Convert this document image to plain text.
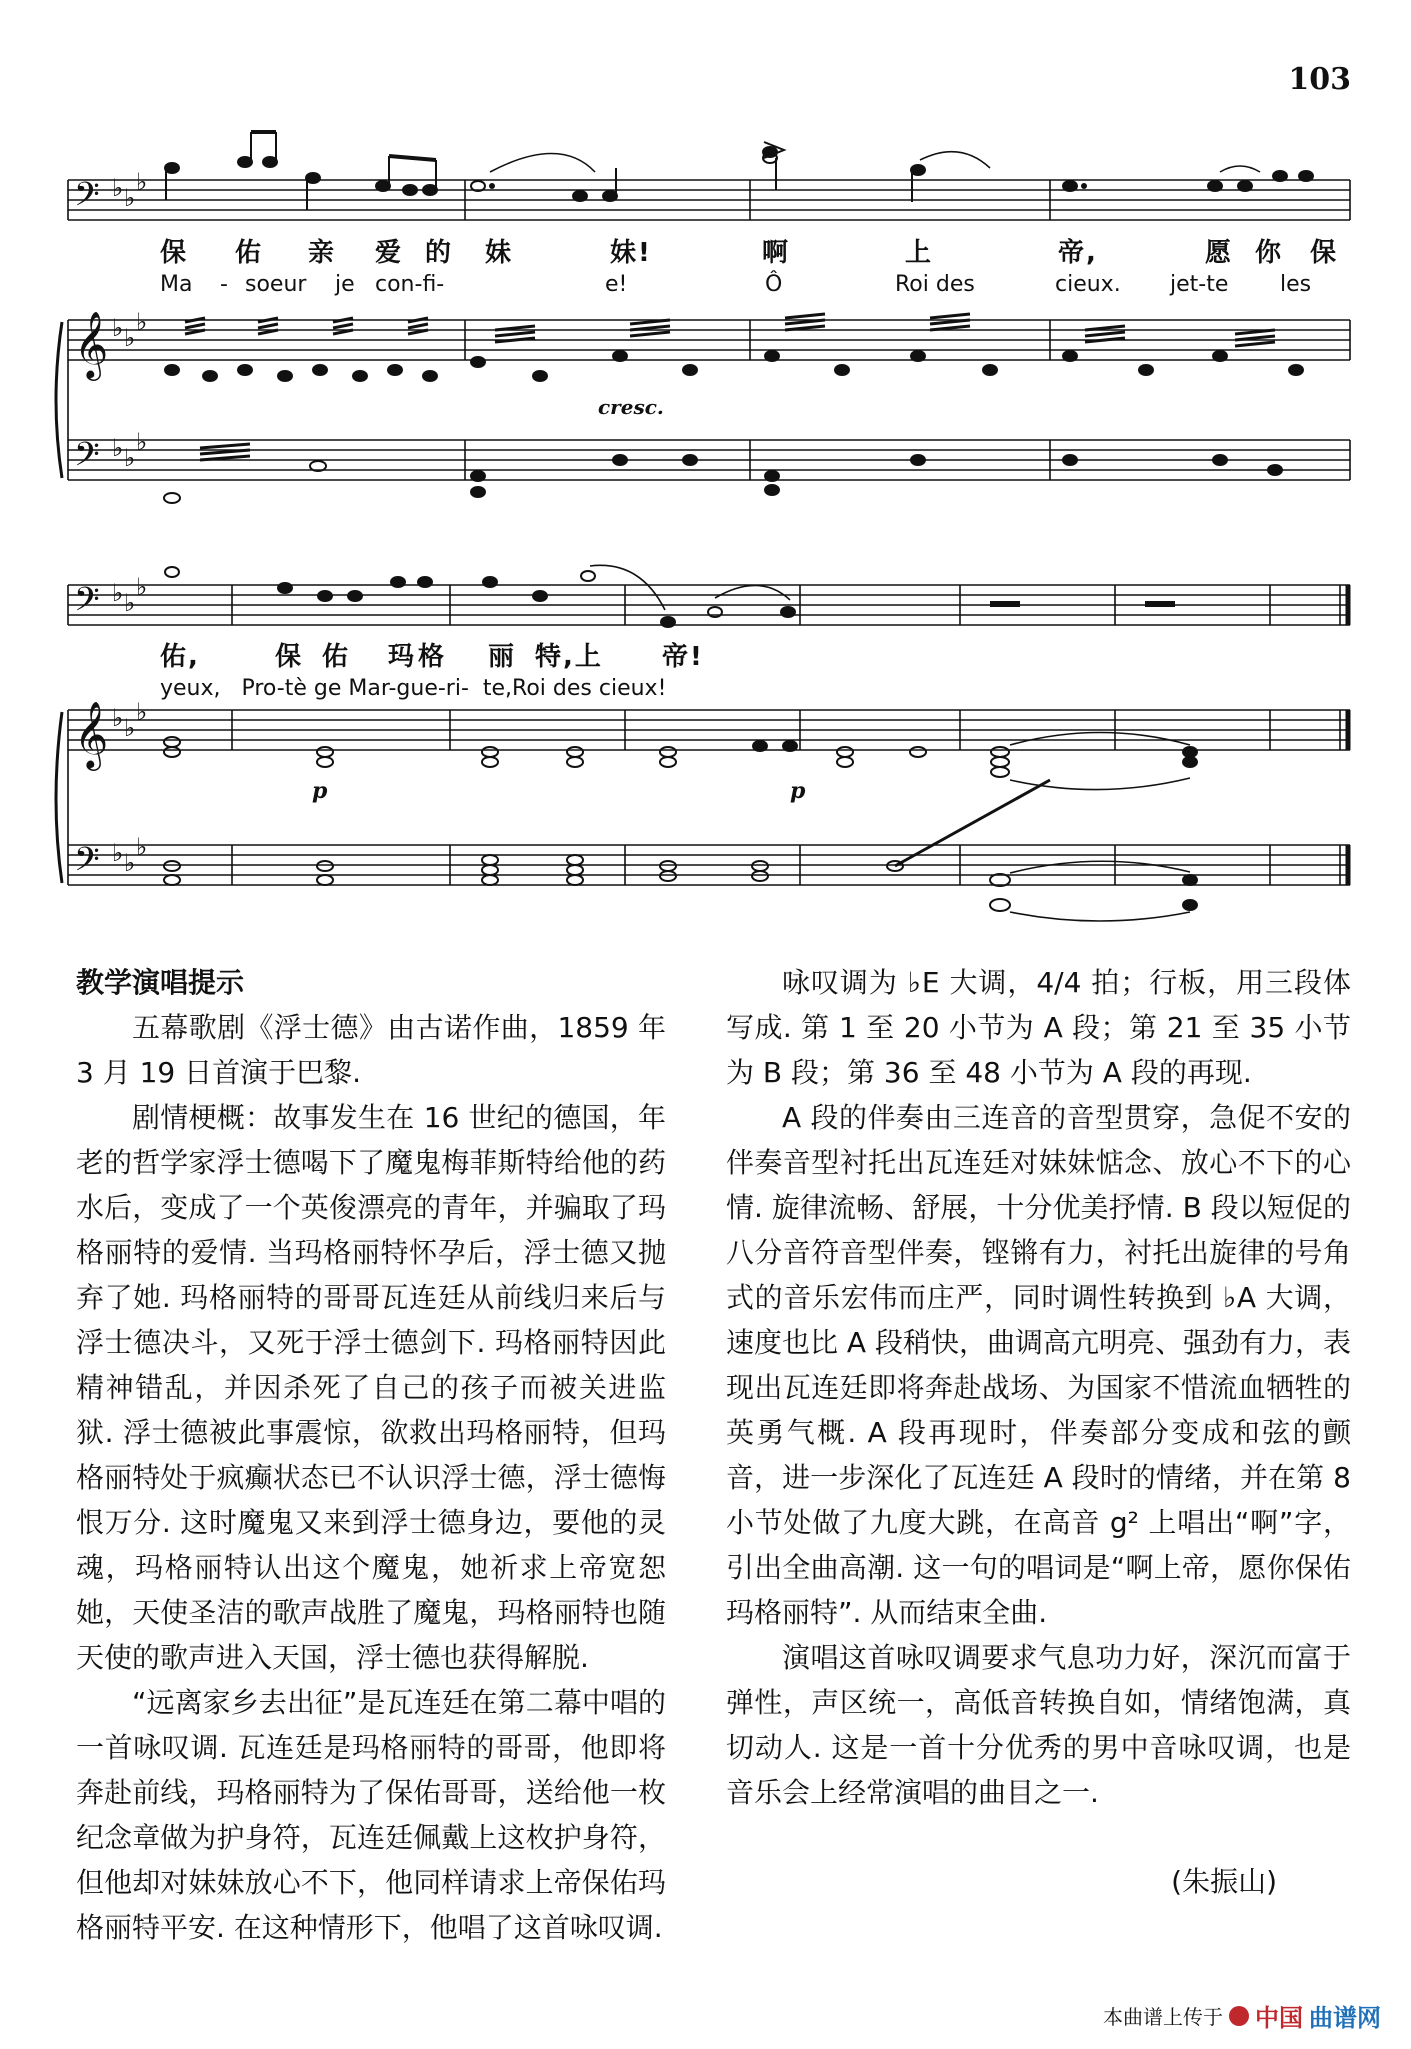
103
𝄢 ♭ ♭
♭
𝄞 ♭ ♭
♭
𝄢 ♭ ♭
♭
𝄢 ♭ ♭
♭
𝄞 ♭ ♭
♭
p	p
𝄢 ♭ ♭
♭
保 佑 亲 爱 的 妹	妹!	啊	上	帝,	愿 你 保
Ma - soeur je con-fi-	e!	Ô	Roi des	cieux. jet-te les
cresc.
佑,	保 佑 玛 格 丽 特,上 帝!
yeux,   Pro-tè ge Mar-gue-ri-  te,Roi des cieux!

教学演唱提示

五幕歌剧《浮士德》由古诺作曲，1859 年 3 月 19 日首演于巴黎.

剧情梗概：故事发生在 16 世纪的德国，年老的哲学家浮士德喝下了魔鬼梅菲斯特给他的药水后，变成了一个英俊漂亮的青年，并骗取了玛格丽特的爱情. 当玛格丽特怀孕后，浮士德又抛弃了她. 玛格丽特的哥哥瓦连廷从前线归来后与浮士德决斗，又死于浮士德剑下. 玛格丽特因此精神错乱，并因杀死了自己的孩子而被关进监狱. 浮士德被此事震惊，欲救出玛格丽特，但玛格丽特处于疯癫状态已不认识浮士德，浮士德悔恨万分. 这时魔鬼又来到浮士德身边，要他的灵魂，玛格丽特认出这个魔鬼，她祈求上帝宽恕她，天使圣洁的歌声战胜了魔鬼，玛格丽特也随天使的歌声进入天国，浮士德也获得解脱.

“远离家乡去出征”是瓦连廷在第二幕中唱的一首咏叹调. 瓦连廷是玛格丽特的哥哥，他即将奔赴前线，玛格丽特为了保佑哥哥，送给他一枚纪念章做为护身符，瓦连廷佩戴上这枚护身符，但他却对妹妹放心不下，他同样请求上帝保佑玛格丽特平安. 在这种情形下，他唱了这首咏叹调.

咏叹调为 ♭E 大调，4/4 拍；行板，用三段体写成. 第 1 至 20 小节为 A 段；第 21 至 35 小节为 B 段；第 36 至 48 小节为 A 段的再现.

A 段的伴奏由三连音的音型贯穿，急促不安的伴奏音型衬托出瓦连廷对妹妹惦念、放心不下的心情. 旋律流畅、舒展，十分优美抒情. B 段以短促的八分音符音型伴奏，铿锵有力，衬托出旋律的号角式的音乐宏伟而庄严，同时调性转换到 ♭A 大调，速度也比 A 段稍快，曲调高亢明亮、强劲有力，表现出瓦连廷即将奔赴战场、为国家不惜流血牺牲的英勇气概. A 段再现时，伴奏部分变成和弦的颤音，进一步深化了瓦连廷 A 段时的情绪，并在第 8 小节处做了九度大跳，在高音 g² 上唱出“啊”字，引出全曲高潮. 这一句的唱词是“啊上帝，愿你保佑玛格丽特”. 从而结束全曲.

演唱这首咏叹调要求气息功力好，深沉而富于弹性，声区统一，高低音转换自如，情绪饱满，真切动人. 这是一首十分优秀的男中音咏叹调，也是音乐会上经常演唱的曲目之一.

(朱振山)

本曲谱上传于 中国 曲谱网
